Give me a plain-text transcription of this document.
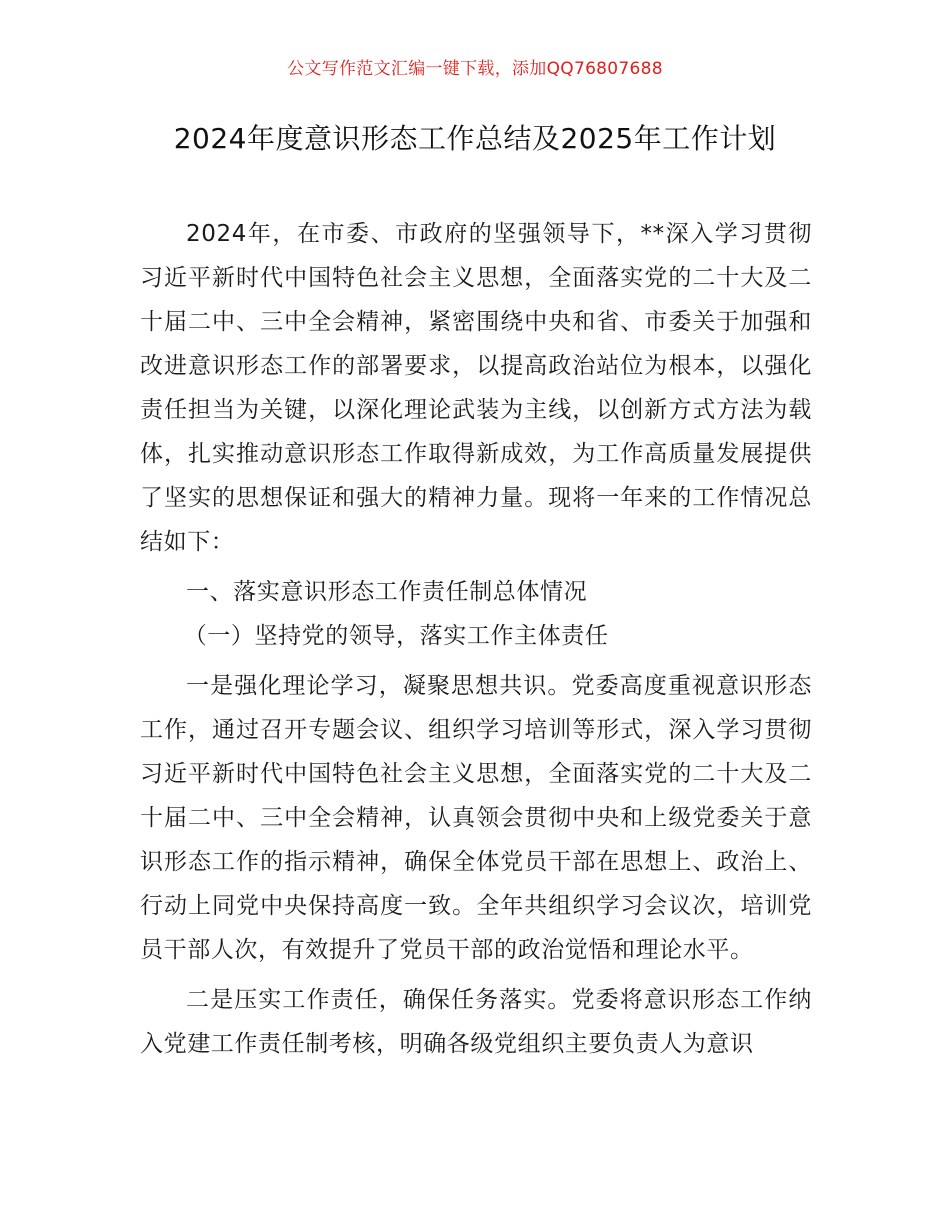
公文写作范文汇编一键下载，添加QQ76807688
2024年度意识形态工作总结及2025年工作计划

2024年，在市委、市政府的坚强领导下，**深入学习贯彻习近平新时代中国特色社会主义思想，全面落实党的二十大及二十届二中、三中全会精神，紧密围绕中央和省、市委关于加强和改进意识形态工作的部署要求，以提高政治站位为根本，以强化责任担当为关键，以深化理论武装为主线，以创新方式方法为载体，扎实推动意识形态工作取得新成效，为工作高质量发展提供了坚实的思想保证和强大的精神力量。现将一年来的工作情况总结如下：

一、落实意识形态工作责任制总体情况

（一）坚持党的领导，落实工作主体责任

一是强化理论学习，凝聚思想共识。党委高度重视意识形态工作，通过召开专题会议、组织学习培训等形式，深入学习贯彻习近平新时代中国特色社会主义思想，全面落实党的二十大及二十届二中、三中全会精神，认真领会贯彻中央和上级党委关于意识形态工作的指示精神，确保全体党员干部在思想上、政治上、行动上同党中央保持高度一致。全年共组织学习会议次，培训党员干部人次，有效提升了党员干部的政治觉悟和理论水平。

二是压实工作责任，确保任务落实。党委将意识形态工作纳入党建工作责任制考核，明确各级党组织主要负责人为意识
